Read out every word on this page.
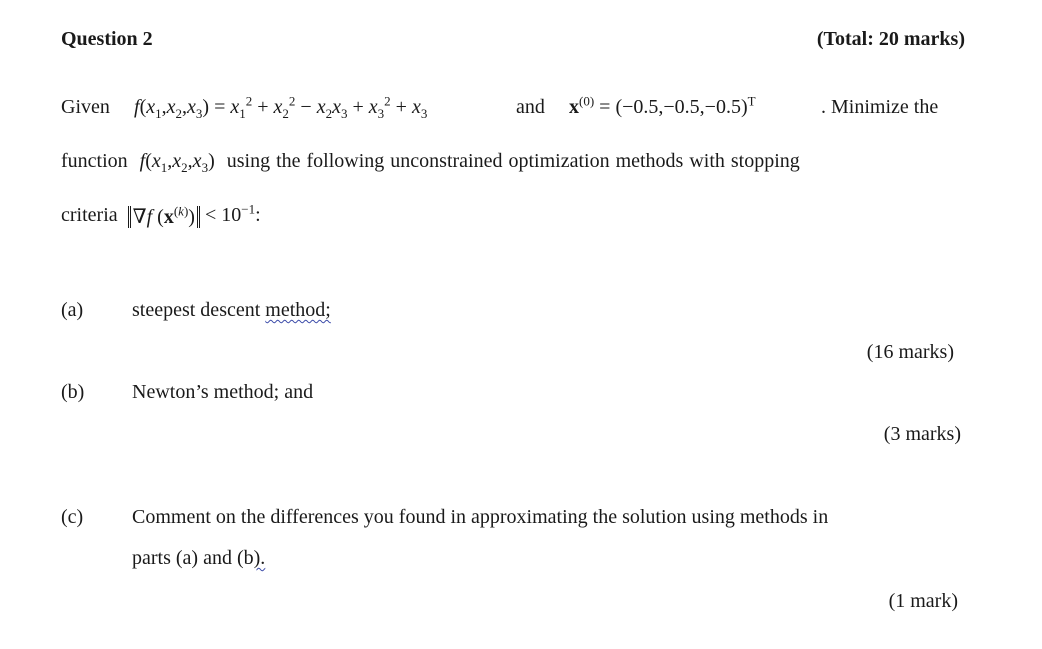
Question 2	(Total: 20 marks)
Given $f(x_1,x_2,x_3) = x_1^2 + x_2^2 - x_2x_3 + x_3^2 + x_3$	and $x^{(0)} = (-0.5,-0.5,-0.5)^T$	. Minimize the
function $f(x_1,x_2,x_3)$  using the following unconstrained optimization methods with stopping
criteria ∇f $(x^{(k)}) < 10^{-1}$:
(a) steepest descent method;
(16 marks)
(b) Newton’s method; and
(3 marks)
(c) Comment on the differences you found in approximating the solution using methods in
parts (a) and (b).
(1 mark)
